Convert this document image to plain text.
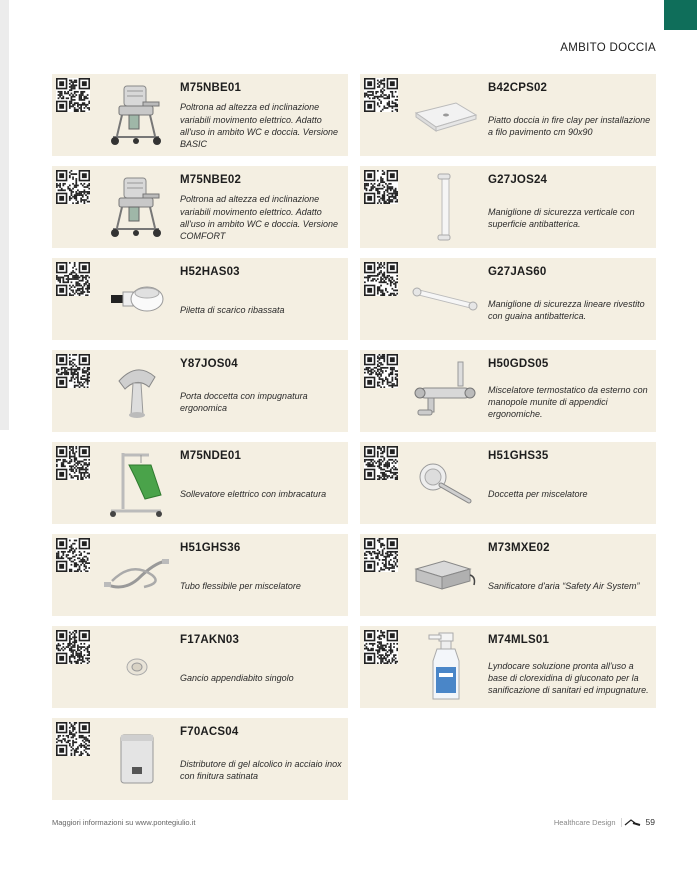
AMBITO DOCCIA
M75NBE01
Poltrona ad altezza ed inclinazione variabili movimento elettrico. Adatto all'uso in ambito WC e doccia. Versione BASIC
B42CPS02
Piatto doccia in fire clay per installazione a filo pavimento cm 90x90
M75NBE02
Poltrona ad altezza ed inclinazione variabili movimento elettrico. Adatto all'uso in ambito WC e doccia. Versione COMFORT
G27JOS24
Maniglione di sicurezza verticale con superficie antibatterica.
H52HAS03
Piletta di scarico ribassata
G27JAS60
Maniglione di sicurezza lineare rivestito con guaina antibatterica.
Y87JOS04
Porta doccetta con impugnatura ergonomica
H50GDS05
Miscelatore termostatico da esterno con manopole munite di appendici ergonomiche.
M75NDE01
Sollevatore elettrico con imbracatura
H51GHS35
Doccetta per miscelatore
H51GHS36
Tubo flessibile per miscelatore
M73MXE02
Sanificatore d'aria “Safety Air System”
F17AKN03
Gancio appendiabito singolo
M74MLS01
Lyndocare soluzione pronta all'uso a base di clorexidina di gluconato per la sanificazione di sanitari ed impugnature.
F70ACS04
Distributore di gel alcolico in acciaio inox con finitura satinata
Maggiori informazioni su www.pontegiulio.it	Healthcare Design	59
